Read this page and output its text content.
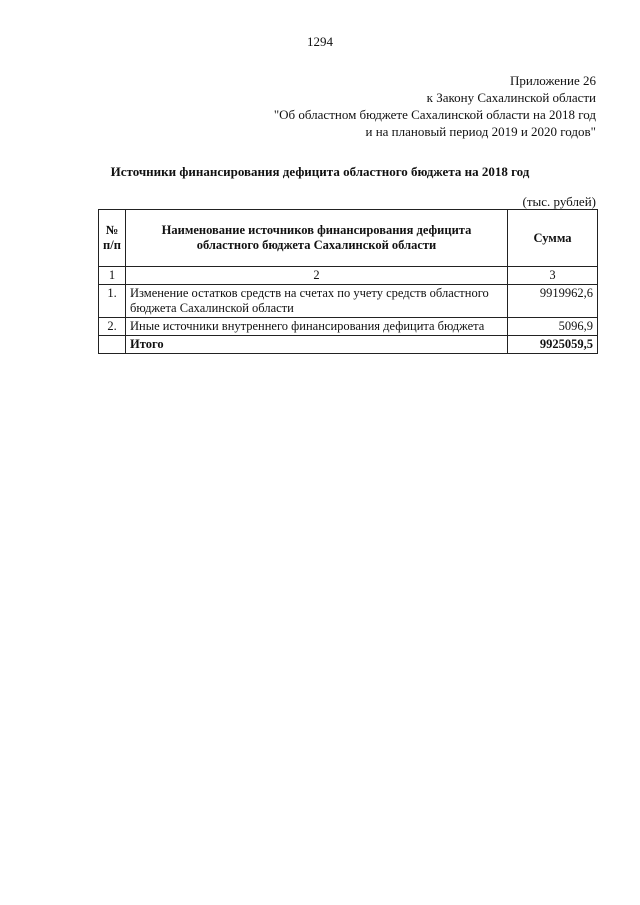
1294
Приложение 26
к Закону Сахалинской области
"Об областном бюджете Сахалинской области на 2018 год
и на плановый период 2019 и 2020 годов"
Источники финансирования дефицита областного бюджета на 2018 год
(тыс. рублей)
№ п/п	Наименование источников финансирования дефицита областного бюджета Сахалинской области	Сумма
1	2	3
1.	Изменение остатков средств на счетах по учету средств областного бюджета Сахалинской области	9919962,6
2.	Иные источники внутреннего финансирования дефицита бюджета	5096,9
	Итого	9925059,5
